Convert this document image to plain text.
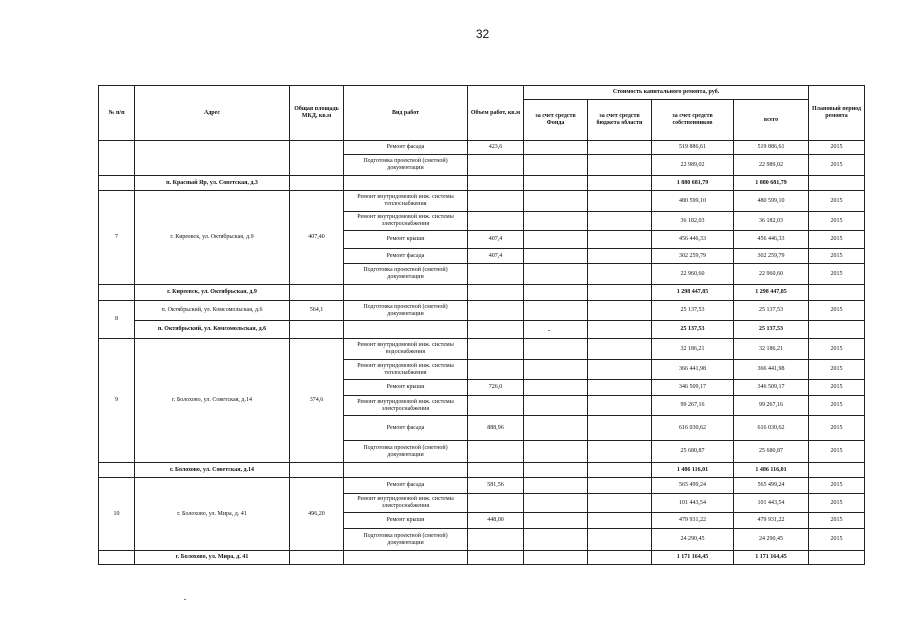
32
№ п/п	Адрес	Общая площадь МКД, кв.м	Вид работ	Объем работ, кв.м	Стоимость капитального ремонта, руб.				Плановый период ремонта
					за счет средств Фонда	за счет средств бюджета области	за счет средств собственников	всего	
			Ремонт фасада	423,6			519 886,61	519 886,61	2015
			Подготовка проектной (сметной) документации				22 989,02	22 989,02	2015
	п. Красный Яр, ул. Советская, д.3						1 880 681,79	1 880 681,79	
7	г. Киреевск, ул. Октябрьская, д.9	407,40	Ремонт внутридомовой инж. системы теплоснабжения				480 599,10	480 599,10	2015
			Ремонт внутридомовой инж. системы электроснабжения				36 182,03	36 182,03	2015
			Ремонт крыши	407,4			456 446,33	456 446,33	2015
			Ремонт фасада	407,4			302 259,79	302 259,79	2015
			Подготовка проектной (сметной) документации				22 960,60	22 960,60	2015
	г. Киреевск, ул. Октябрьская, д.9						1 298 447,85	1 298 447,85	
8	п. Октябрьский, ул. Комсомольская, д.6	564,1	Подготовка проектной (сметной) документации				25 137,53	25 137,53	2015
	п. Октябрьский, ул. Комсомольская, д.6						25 137,53	25 137,53	
9	г. Болохово, ул. Советская, д.14	374,6	Ремонт внутридомовой инж. системы водоснабжения				32 186,21	32 186,21	2015
			Ремонт внутридомовой инж. системы теплоснабжения				366 441,98	366 441,98	2015
			Ремонт крыши	726,0			346 509,17	346 509,17	2015
			Ремонт внутридомовой инж. системы электроснабжения				99 267,16	99 267,16	2015
			Ремонт фасада	888,96			616 030,62	616 030,62	2015
			Подготовка проектной (сметной) документации				25 680,87	25 680,87	2015
	г. Болохово, ул. Советская, д.14						1 486 116,01	1 486 116,01	
10	г. Болохово, ул. Мира, д. 41	496,20	Ремонт фасада	581,56			565 499,24	565 499,24	2015
			Ремонт внутридомовой инж. системы электроснабжения				101 443,54	101 443,54	2015
			Ремонт крыши	448,00			479 931,22	479 931,22	2015
			Подготовка проектной (сметной) документации				24 290,45	24 290,45	2015
	г. Болохово, ул. Мира, д. 41						1 171 164,45	1 171 164,45	
